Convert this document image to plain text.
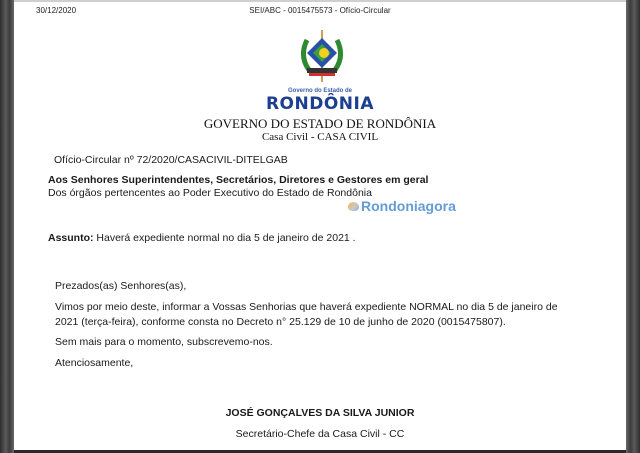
30/12/2020	SEI/ABC - 0015475573 - Ofício-Circular
Governo do Estado de
RONDÔNIA
GOVERNO DO ESTADO DE RONDÔNIA
Casa Civil - CASA CIVIL
Ofício-Circular nº 72/2020/CASACIVIL-DITELGAB
Aos Senhores Superintendentes, Secretários, Diretores e Gestores em geral
Dos órgãos pertencentes ao Poder Executivo do Estado de Rondônia
Rondoniagora
Assunto: Haverá expediente normal no dia 5 de janeiro de 2021 .
Prezados(as) Senhores(as),
Vimos por meio deste, informar a Vossas Senhorias que haverá expediente NORMAL no dia 5 de janeiro de
2021 (terça-feira), conforme consta no Decreto n° 25.129 de 10 de junho de 2020 (0015475807).
Sem mais para o momento, subscrevemo-nos.
Atenciosamente,
JOSÉ GONÇALVES DA SILVA JUNIOR
Secretário-Chefe da Casa Civil - CC
